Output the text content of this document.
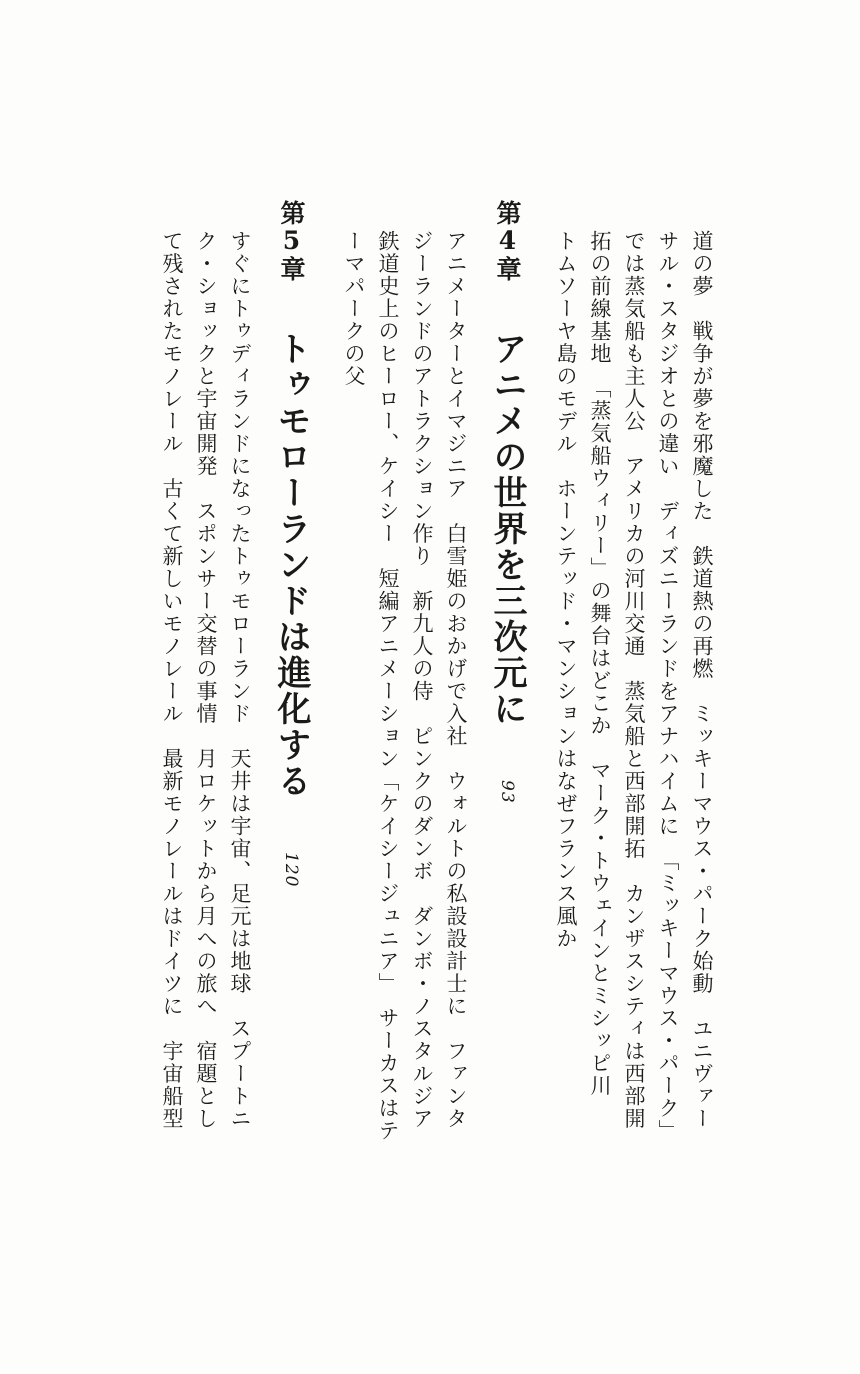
道の夢　戦争が夢を邪魔した　鉄道熱の再燃　ミッキーマウス・パーク始動　ユニヴァー
サル・スタジオとの違い　ディズニーランドをアナハイムに　「ミッキーマウス・パーク」
では蒸気船も主人公　アメリカの河川交通　蒸気船と西部開拓　カンザスシティは西部開
拓の前線基地　「蒸気船ウィリー」の舞台はどこか　マーク・トウェインとミシッピ川
トムソーヤ島のモデル　ホーンテッド・マンションはなぜフランス風か
第4章 アニメの世界を三次元に 93
アニメーターとイマジニア　白雪姫のおかげで入社　ウォルトの私設設計士に　ファンタ
ジーランドのアトラクション作り　新九人の侍　ピンクのダンボ　ダンボ・ノスタルジア
鉄道史上のヒーロー、ケイシー　短編アニメーション「ケイシージュニア」　サーカスはテ
ーマパークの父
第5章 トゥモローランドは進化する 120
すぐにトゥディランドになったトゥモローランド　天井は宇宙、足元は地球　スプートニ
ク・ショックと宇宙開発　スポンサー交替の事情　月ロケットから月への旅へ　宿題とし
て残されたモノレール　古くて新しいモノレール　最新モノレールはドイツに　宇宙船型
